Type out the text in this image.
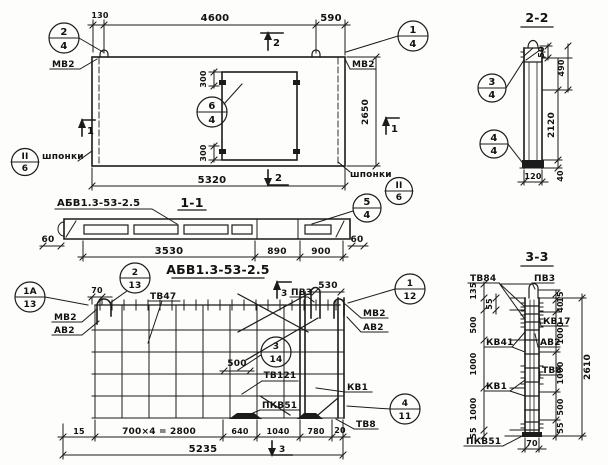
130	4600	590
2
2
1	1
2
4
1
4
МВ2	МВ2
300
300
6
4	2650
II
6
шпонки
шпонки
II
6
5320
1-1
АБВ1.3-53-2.5	5
4
60	60
3530	890	900
АБВ1.3-53-2.5
70	530
3 ПВ3
3
1А
13
2
13	1
12
3
14
4
11
МВ2
АВ2
ТВ47
МВ2
АВ2
ТВ121
500
КВ1
ПКВ51
ТВ8
15	700×4 = 2800	640 1040 780 20
5235
2-2
50
490
2120
40
120
3
4
4
4
3-3
135
55
500
1000
1000
55
15
40
1000
1000
500
55
2610
70
ТВ84	ПВ3
КВ17
КВ41	АВ2
ТВ8
КВ1
ПКВ51
